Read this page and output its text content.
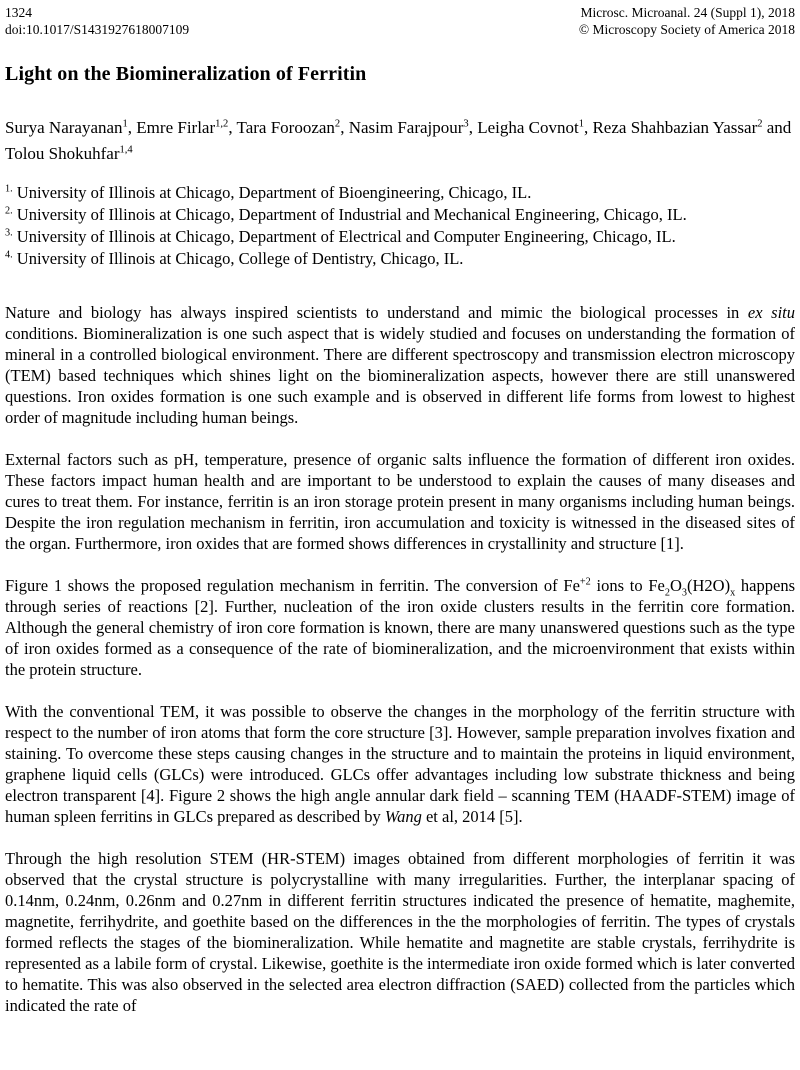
1324
doi:10.1017/S1431927618007109
Microsc. Microanal. 24 (Suppl 1), 2018
© Microscopy Society of America 2018
Light on the Biomineralization of Ferritin

Surya Narayanan$^1$, Emre Firlar$^{1,2}$, Tara Foroozan$^2$, Nasim Farajpour$^3$, Leigha Covnot$^1$, Reza Shahbazian Yassar$^2$ and Tolou Shokuhfar$^{1,4}$

$^{1.}$ University of Illinois at Chicago, Department of Bioengineering, Chicago, IL.

$^{2.}$ University of Illinois at Chicago, Department of Industrial and Mechanical Engineering, Chicago, IL.

$^{3.}$ University of Illinois at Chicago, Department of Electrical and Computer Engineering, Chicago, IL.

$^{4.}$ University of Illinois at Chicago, College of Dentistry, Chicago, IL.

Nature and biology has always inspired scientists to understand and mimic the biological processes in ex situ conditions. Biomineralization is one such aspect that is widely studied and focuses on understanding the formation of mineral in a controlled biological environment. There are different spectroscopy and transmission electron microscopy (TEM) based techniques which shines light on the biomineralization aspects, however there are still unanswered questions. Iron oxides formation is one such example and is observed in different life forms from lowest to highest order of magnitude including human beings.

External factors such as pH, temperature, presence of organic salts influence the formation of different iron oxides. These factors impact human health and are important to be understood to explain the causes of many diseases and cures to treat them. For instance, ferritin is an iron storage protein present in many organisms including human beings. Despite the iron regulation mechanism in ferritin, iron accumulation and toxicity is witnessed in the diseased sites of the organ. Furthermore, iron oxides that are formed shows differences in crystallinity and structure [1].

Figure 1 shows the proposed regulation mechanism in ferritin. The conversion of $Fe^{+2}$ ions to $Fe_2O_3(H2O)_x$ happens through series of reactions [2]. Further, nucleation of the iron oxide clusters results in the ferritin core formation. Although the general chemistry of iron core formation is known, there are many unanswered questions such as the type of iron oxides formed as a consequence of the rate of biomineralization, and the microenvironment that exists within the protein structure.

With the conventional TEM, it was possible to observe the changes in the morphology of the ferritin structure with respect to the number of iron atoms that form the core structure [3]. However, sample preparation involves fixation and staining. To overcome these steps causing changes in the structure and to maintain the proteins in liquid environment, graphene liquid cells (GLCs) were introduced. GLCs offer advantages including low substrate thickness and being electron transparent [4]. Figure 2 shows the high angle annular dark field – scanning TEM (HAADF-STEM) image of human spleen ferritins in GLCs prepared as described by Wang et al, 2014 [5].

Through the high resolution STEM (HR-STEM) images obtained from different morphologies of ferritin it was observed that the crystal structure is polycrystalline with many irregularities. Further, the interplanar spacing of 0.14nm, 0.24nm, 0.26nm and 0.27nm in different ferritin structures indicated the presence of hematite, maghemite, magnetite, ferrihydrite, and goethite based on the differences in the the morphologies of ferritin. The types of crystals formed reflects the stages of the biomineralization. While hematite and magnetite are stable crystals, ferrihydrite is represented as a labile form of crystal. Likewise, goethite is the intermediate iron oxide formed which is later converted to hematite. This was also observed in the selected area electron diffraction (SAED) collected from the particles which indicated the rate of
